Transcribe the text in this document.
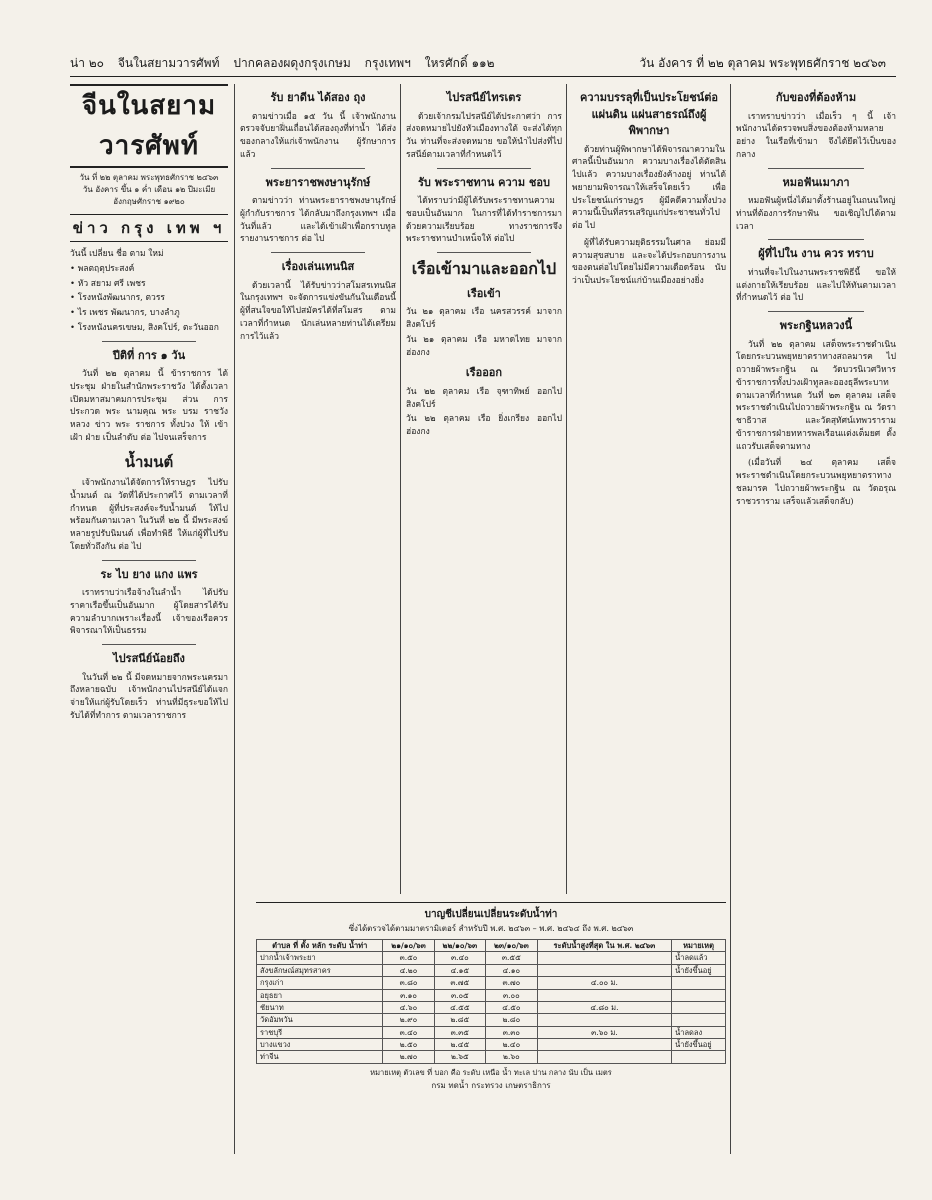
น่า ๒๐ จีนในสยามวารศัพท์ ปากคลองผดุงกรุงเกษม กรุงเทพฯ ใหรศักดิ์ ๑๑๒	วัน อังคาร ที่ ๒๒ ตุลาคม พระพุทธศักราช ๒๔๖๓
จีนในสยามวารศัพท์
วัน ที่ ๒๒ ตุลาคม พระพุทธศักราช ๒๔๖๓
วัน อังคาร ขึ้น ๑ ค่ำ เดือน ๑๒ ปีมะเมีย
อังกฤษศักราช ๑๙๒๐
ข่าว กรุง เทพ ฯ

วันนี้ เปลี่ยน ชื่อ ตาม ใหม่

• พลตฤตุประสงค์

• หัว สยาม ศรี เพชร

• โรงหนังพัฒนากร, ตวรร

• ไร เพชร พัฒนากร, บางลำภู

• โรงหนังนครเขษม, สิงคโปร์, ตะวันออก

ปีติที่ การ ๑ วัน

วันที่ ๒๒ ตุลาคม นี้ ข้าราชการ ได้ประชุม ฝ่ายในสำนักพระราชวัง ได้ตั้งเวลาเปิดมหาสมาคมการประชุม ส่วน การ ประกวด พระ นามคุณ พระ บรม ราชวังหลวง ข่าว พระ ราชการ ทั้งปวง ให้ เข้า เฝ้า ฝ่าย เป็นลำดับ ต่อ ไปจนเสร็จการ

น้ำมนต์

เจ้าพนักงานได้จัดการให้ราษฎร ไปรับน้ำมนต์ ณ วัดที่ได้ประกาศไว้ ตามเวลาที่กำหนด ผู้ที่ประสงค์จะรับน้ำมนต์ ให้ไปพร้อมกันตามเวลา ในวันที่ ๒๒ นี้ มีพระสงฆ์หลายรูปรับนิมนต์ เพื่อทำพิธี ให้แก่ผู้ที่ไปรับโดยทั่วถึงกัน ต่อ ไป

ระ ไบ ยาง แกง แพร

เราทราบว่าเรือจ้างในลำน้ำ ได้ปรับราคาเรือขึ้นเป็นอันมาก ผู้โดยสารได้รับความลำบากเพราะเรื่องนี้ เจ้าของเรือควรพิจารณาให้เป็นธรรม

ไปรสนีย์น้อยถึง

ในวันที่ ๒๒ นี้ มีจดหมายจากพระนครมาถึงหลายฉบับ เจ้าพนักงานไปรสนีย์ได้แจกจ่ายให้แก่ผู้รับโดยเร็ว ท่านที่มีธุระขอให้ไปรับได้ที่ทำการ ตามเวลาราชการ

รับ ยาดีน ได้สอง ถุง

ตามข่าวเมื่อ ๑๕ วัน นี้ เจ้าพนักงาน ตรวจจับยาฝิ่นเถื่อนได้สองถุงที่ท่าน้ำ ได้ส่งของกลางให้แก่เจ้าพนักงาน ผู้รักษาการ แล้ว

พระยาราชพงษานุรักษ์

ตามข่าวว่า ท่านพระยาราชพงษานุรักษ์ ผู้กำกับราชการ ได้กลับมาถึงกรุงเทพฯ เมื่อวันที่แล้ว และได้เข้าเฝ้าเพื่อกราบทูลรายงานราชการ ต่อ ไป

เรื่องเล่นเทนนิส

ด้วยเวลานี้ ได้รับข่าวว่าสโมสรเทนนิส ในกรุงเทพฯ จะจัดการแข่งขันกันในเดือนนี้ ผู้ที่สนใจขอให้ไปสมัครได้ที่สโมสร ตามเวลาที่กำหนด นักเล่นหลายท่านได้เตรียมการไว้แล้ว

ไปรสนีย์ไทรเตร

ด้วยเจ้ากรมไปรสนีย์ได้ประกาศว่า การส่งจดหมายไปยังหัวเมืองทางใต้ จะส่งได้ทุกวัน ท่านที่จะส่งจดหมาย ขอให้นำไปส่งที่ไปรสนีย์ตามเวลาที่กำหนดไว้

รับ พระราชทาน ความ ชอบ

ได้ทราบว่ามีผู้ได้รับพระราชทานความชอบเป็นอันมาก ในการที่ได้ทำราชการมาด้วยความเรียบร้อย ทางราชการจึงพระราชทานบำเหน็จให้ ต่อไป

เรือเข้ามาและออกไป
เรือเข้า

วัน ๒๑ ตุลาคม เรือ นครสวรรค์ มาจาก สิงคโปร์

วัน ๒๑ ตุลาคม เรือ มหาดไทย มาจาก ฮ่องกง

เรือออก

วัน ๒๒ ตุลาคม เรือ จุฑาทิพย์ ออกไป สิงคโปร์

วัน ๒๒ ตุลาคม เรือ ยิ่งเกรียง ออกไป ฮ่องกง

ความบรรลุที่เป็นประโยชน์ต่อแผ่นดิน แผ่นสาธรณ์ถึงผู้พิพากษา

ด้วยท่านผู้พิพากษาได้พิจารณาความในศาลนี้เป็นอันมาก ความบางเรื่องได้ตัดสินไปแล้ว ความบางเรื่องยังค้างอยู่ ท่านได้พยายามพิจารณาให้เสร็จโดยเร็ว เพื่อประโยชน์แก่ราษฎร ผู้มีคดีความทั้งปวง ความนี้เป็นที่สรรเสริญแก่ประชาชนทั่วไป ต่อ ไป

ผู้ที่ได้รับความยุติธรรมในศาล ย่อมมีความสุขสบาย และจะได้ประกอบการงานของตนต่อไปโดยไม่มีความเดือดร้อน นับว่าเป็นประโยชน์แก่บ้านเมืองอย่างยิ่ง

กับของที่ต้องห้าม

เราทราบข่าวว่า เมื่อเร็ว ๆ นี้ เจ้าพนักงานได้ตรวจพบสิ่งของต้องห้ามหลายอย่าง ในเรือที่เข้ามา จึงได้ยึดไว้เป็นของกลาง

หมอฟันเมาภา

หมอฟันผู้หนึ่งได้มาตั้งร้านอยู่ในถนนใหญ่ ท่านที่ต้องการรักษาฟัน ขอเชิญไปได้ตามเวลา

ผู้ที่ไปใน งาน ควร ทราบ

ท่านที่จะไปในงานพระราชพิธีนี้ ขอให้แต่งกายให้เรียบร้อย และไปให้ทันตามเวลาที่กำหนดไว้ ต่อ ไป

พระกฐินหลวงนี้

วันที่ ๒๒ ตุลาคม เสด็จพระราชดำเนินโดยกระบวนพยุหยาตราทางสถลมารค ไปถวายผ้าพระกฐิน ณ วัดบวรนิเวศวิหาร ข้าราชการทั้งปวงเฝ้าทูลละอองธุลีพระบาท ตามเวลาที่กำหนด วันที่ ๒๓ ตุลาคม เสด็จพระราชดำเนินไปถวายผ้าพระกฐิน ณ วัดราชาธิวาส และวัดสุทัศน์เทพวราราม ข้าราชการฝ่ายทหารพลเรือนแต่งเต็มยศ ตั้งแถวรับเสด็จตามทาง

(เมื่อวันที่ ๒๔ ตุลาคม เสด็จพระราชดำเนินโดยกระบวนพยุหยาตราทางชลมารค ไปถวายผ้าพระกฐิน ณ วัดอรุณราชวราราม เสร็จแล้วเสด็จกลับ)

บาญชีเปลี่ยนเปลี่ยนระดับน้ำท่า
ซึ่งได้ตรวจได้ตามมาตรามิเตอร์ สำหรับปี พ.ศ. ๒๔๖๓ – พ.ศ. ๒๔๖๔ ถึง พ.ศ. ๒๔๖๓
ตำบล ที่ ตั้ง หลัก ระดับ น้ำท่า	๒๑/๑๐/๖๓	๒๒/๑๐/๖๓	๒๓/๑๐/๖๓	ระดับน้ำสูงที่สุด ใน พ.ศ. ๒๔๖๓	หมายเหตุ
ปากน้ำเจ้าพระยา	๓.๕๐	๓.๔๐	๓.๕๕		น้ำลดแล้ว
สังขลักษณ์สมุทรสาคร	๔.๒๐	๔.๑๕	๔.๑๐		น้ำยังขึ้นอยู่
กรุงเก่า	๓.๘๐	๓.๗๕	๓.๗๐	๔.๐๐ ม.	
อยุธยา	๓.๑๐	๓.๐๕	๓.๐๐		
ชัยนาท	๔.๖๐	๔.๕๕	๔.๕๐	๔.๘๐ ม.	
วัดอัมพวัน	๒.๙๐	๒.๘๕	๒.๘๐		
ราชบุรี	๓.๔๐	๓.๓๕	๓.๓๐	๓.๖๐ ม.	น้ำลดลง
บางแขวง	๒.๕๐	๒.๔๕	๒.๔๐		น้ำยังขึ้นอยู่
ท่าจีน	๒.๗๐	๒.๖๕	๒.๖๐		
หมายเหตุ ตัวเลข ที่ บอก คือ ระดับ เหนือ น้ำ ทะเล ปาน กลาง นับ เป็น เมตร
กรม ทดน้ำ กระทรวง เกษตราธิการ
